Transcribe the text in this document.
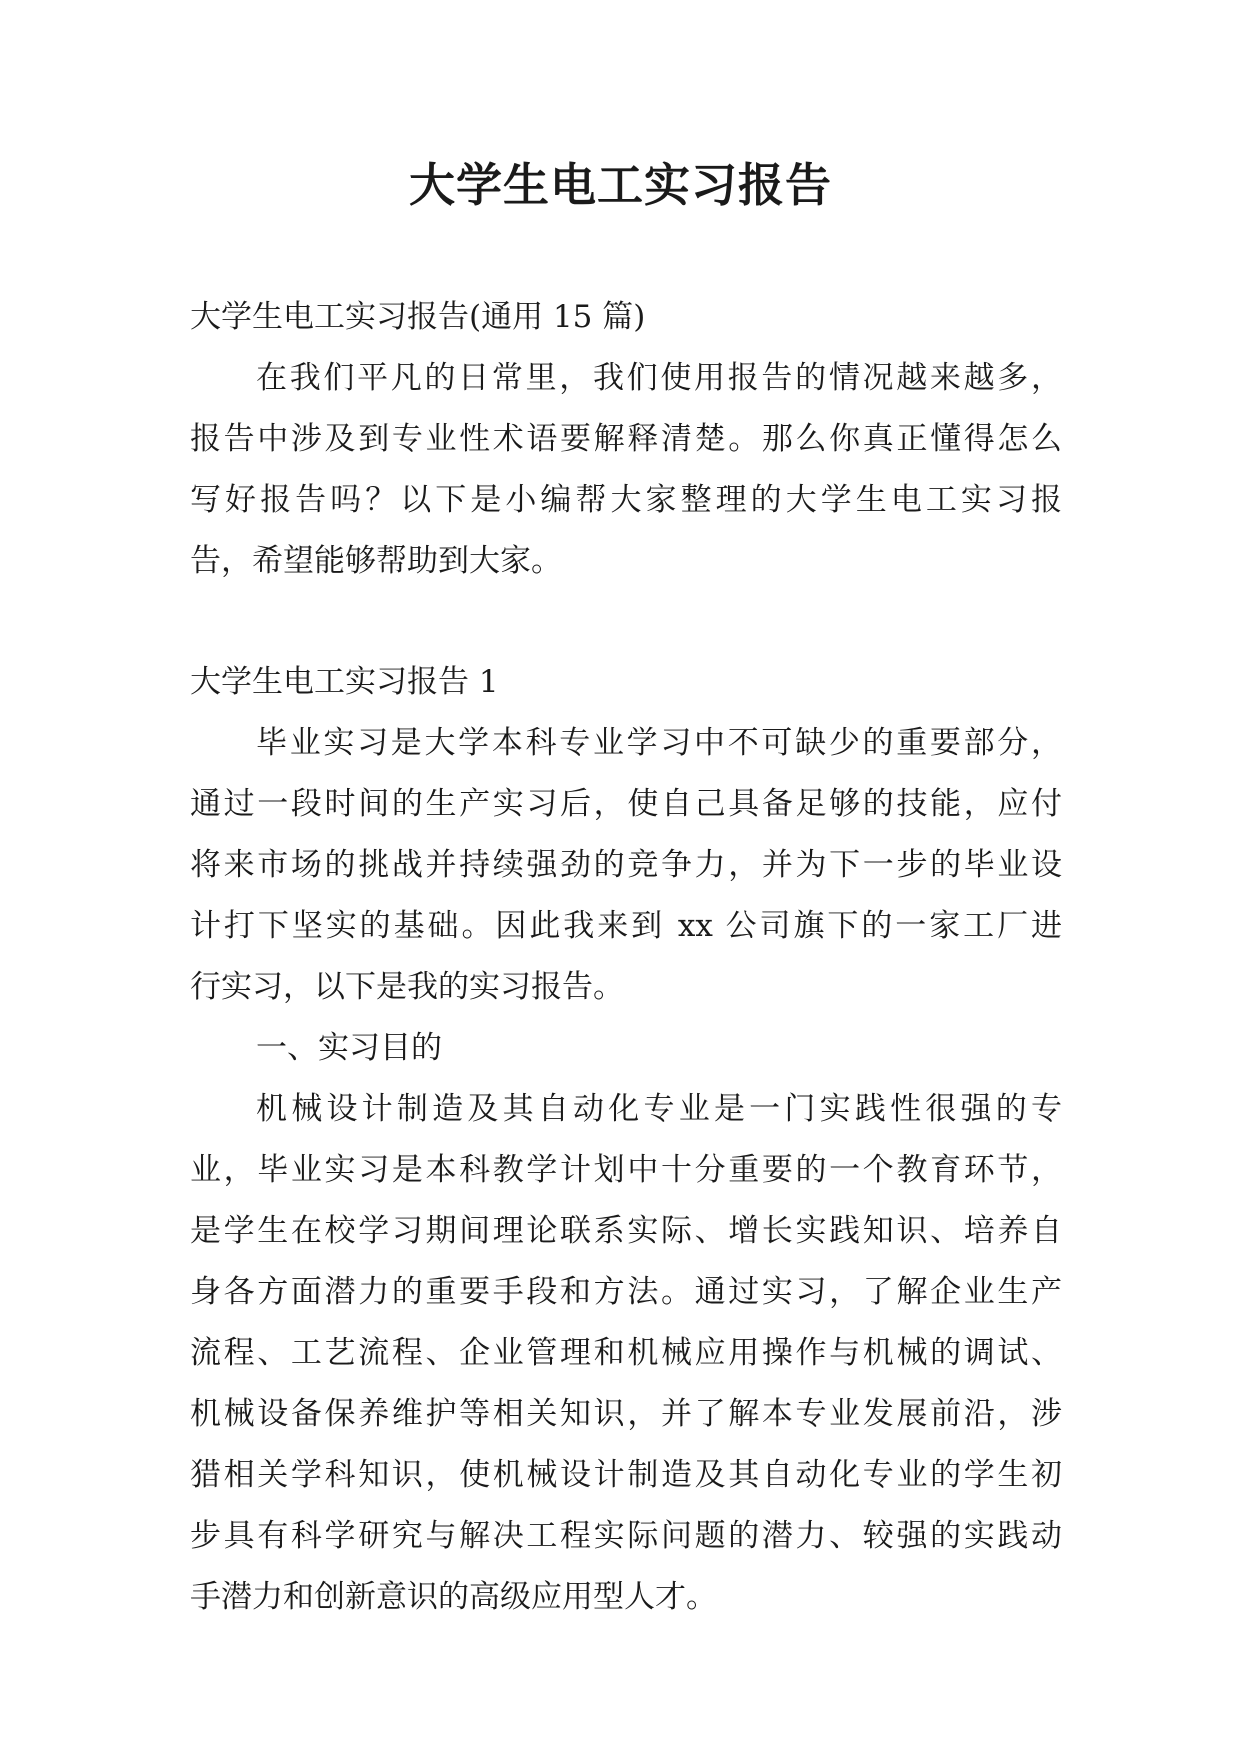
大学生电工实习报告

大学生电工实习报告(通用 15 篇)

在我们平凡的日常里，我们使用报告的情况越来越多，

报告中涉及到专业性术语要解释清楚。那么你真正懂得怎么

写好报告吗？以下是小编帮大家整理的大学生电工实习报

告，希望能够帮助到大家。

大学生电工实习报告 1

毕业实习是大学本科专业学习中不可缺少的重要部分，

通过一段时间的生产实习后，使自己具备足够的技能，应付

将来市场的挑战并持续强劲的竞争力，并为下一步的毕业设

计打下坚实的基础。因此我来到 xx 公司旗下的一家工厂进

行实习，以下是我的实习报告。

一、实习目的

机械设计制造及其自动化专业是一门实践性很强的专

业，毕业实习是本科教学计划中十分重要的一个教育环节，

是学生在校学习期间理论联系实际、增长实践知识、培养自

身各方面潜力的重要手段和方法。通过实习，了解企业生产

流程、工艺流程、企业管理和机械应用操作与机械的调试、

机械设备保养维护等相关知识，并了解本专业发展前沿，涉

猎相关学科知识，使机械设计制造及其自动化专业的学生初

步具有科学研究与解决工程实际问题的潜力、较强的实践动

手潜力和创新意识的高级应用型人才。
